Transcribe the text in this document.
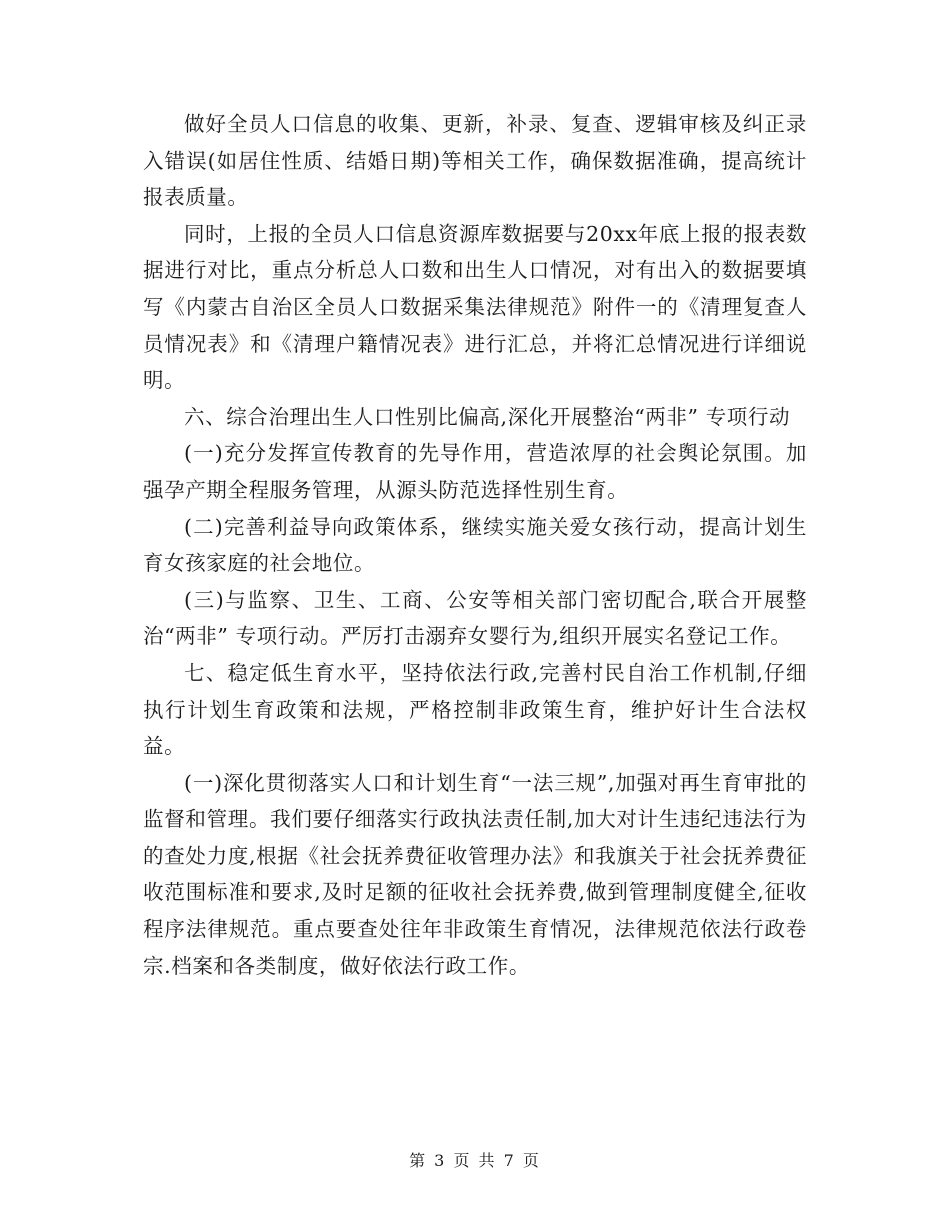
做好全员人口信息的收集、更新，补录、复查、逻辑审核及纠正录入错误(如居住性质、结婚日期)等相关工作，确保数据准确，提高统计报表质量。

同时，上报的全员人口信息资源库数据要与20xx年底上报的报表数据进行对比，重点分析总人口数和出生人口情况，对有出入的数据要填写《内蒙古自治区全员人口数据采集法律规范》附件一的《清理复查人员情况表》和《清理户籍情况表》进行汇总，并将汇总情况进行详细说明。

六、综合治理出生人口性别比偏高,深化开展整治“两非” 专项行动

(一)充分发挥宣传教育的先导作用，营造浓厚的社会舆论氛围。加强孕产期全程服务管理，从源头防范选择性别生育。

(二)完善利益导向政策体系，继续实施关爱女孩行动，提高计划生育女孩家庭的社会地位。

(三)与监察、卫生、工商、公安等相关部门密切配合,联合开展整治“两非” 专项行动。严厉打击溺弃女婴行为,组织开展实名登记工作。

七、稳定低生育水平，坚持依法行政,完善村民自治工作机制,仔细执行计划生育政策和法规，严格控制非政策生育，维护好计生合法权益。

(一)深化贯彻落实人口和计划生育“一法三规”,加强对再生育审批的监督和管理。我们要仔细落实行政执法责任制,加大对计生违纪违法行为的查处力度,根据《社会抚养费征收管理办法》和我旗关于社会抚养费征收范围标准和要求,及时足额的征收社会抚养费,做到管理制度健全,征收程序法律规范。重点要查处往年非政策生育情况，法律规范依法行政卷宗.档案和各类制度，做好依法行政工作。

第 3 页 共 7 页
